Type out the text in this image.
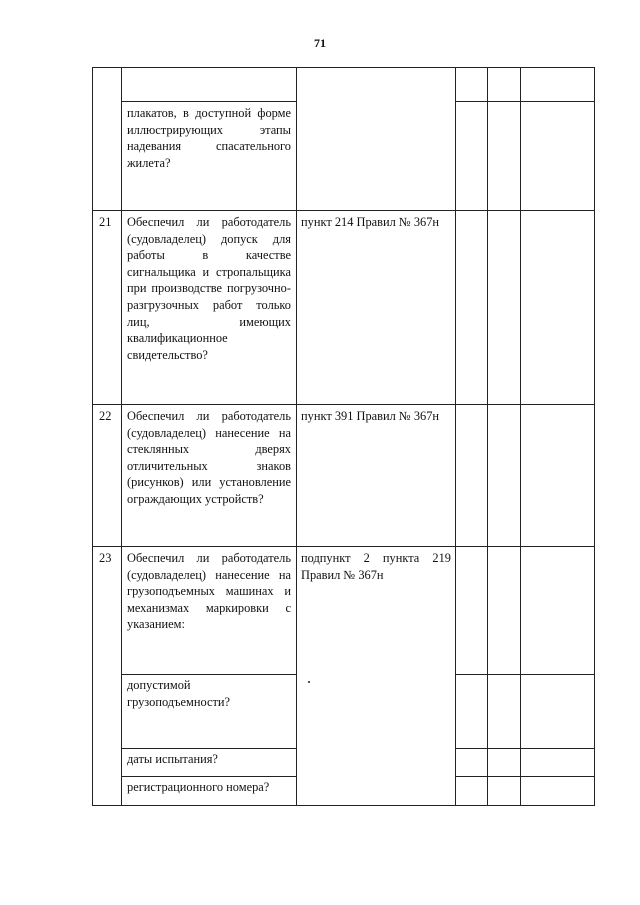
71

плакатов, в доступной форме иллюстрирующих этапы надевания спасательного жилета?

21 Обеспечил ли работодатель (судовладелец) допуск для работы в качестве сигнальщика и стропальщика при производстве погрузочно-разгрузочных работ только лиц, имеющих квалификационное свидетельство?

пункт 214 Правил № 367н

22 Обеспечил ли работодатель (судовладелец) нанесение на стеклянных дверях отличительных знаков (рисунков) или установление ограждающих устройств?

пункт 391 Правил № 367н

23 Обеспечил ли работодатель (судовладелец) нанесение на грузоподъемных машинах и механизмах маркировки с указанием:

подпункт 2 пункта 219 Правил № 367н

допустимой грузоподъемности?

даты испытания?

регистрационного номера?
